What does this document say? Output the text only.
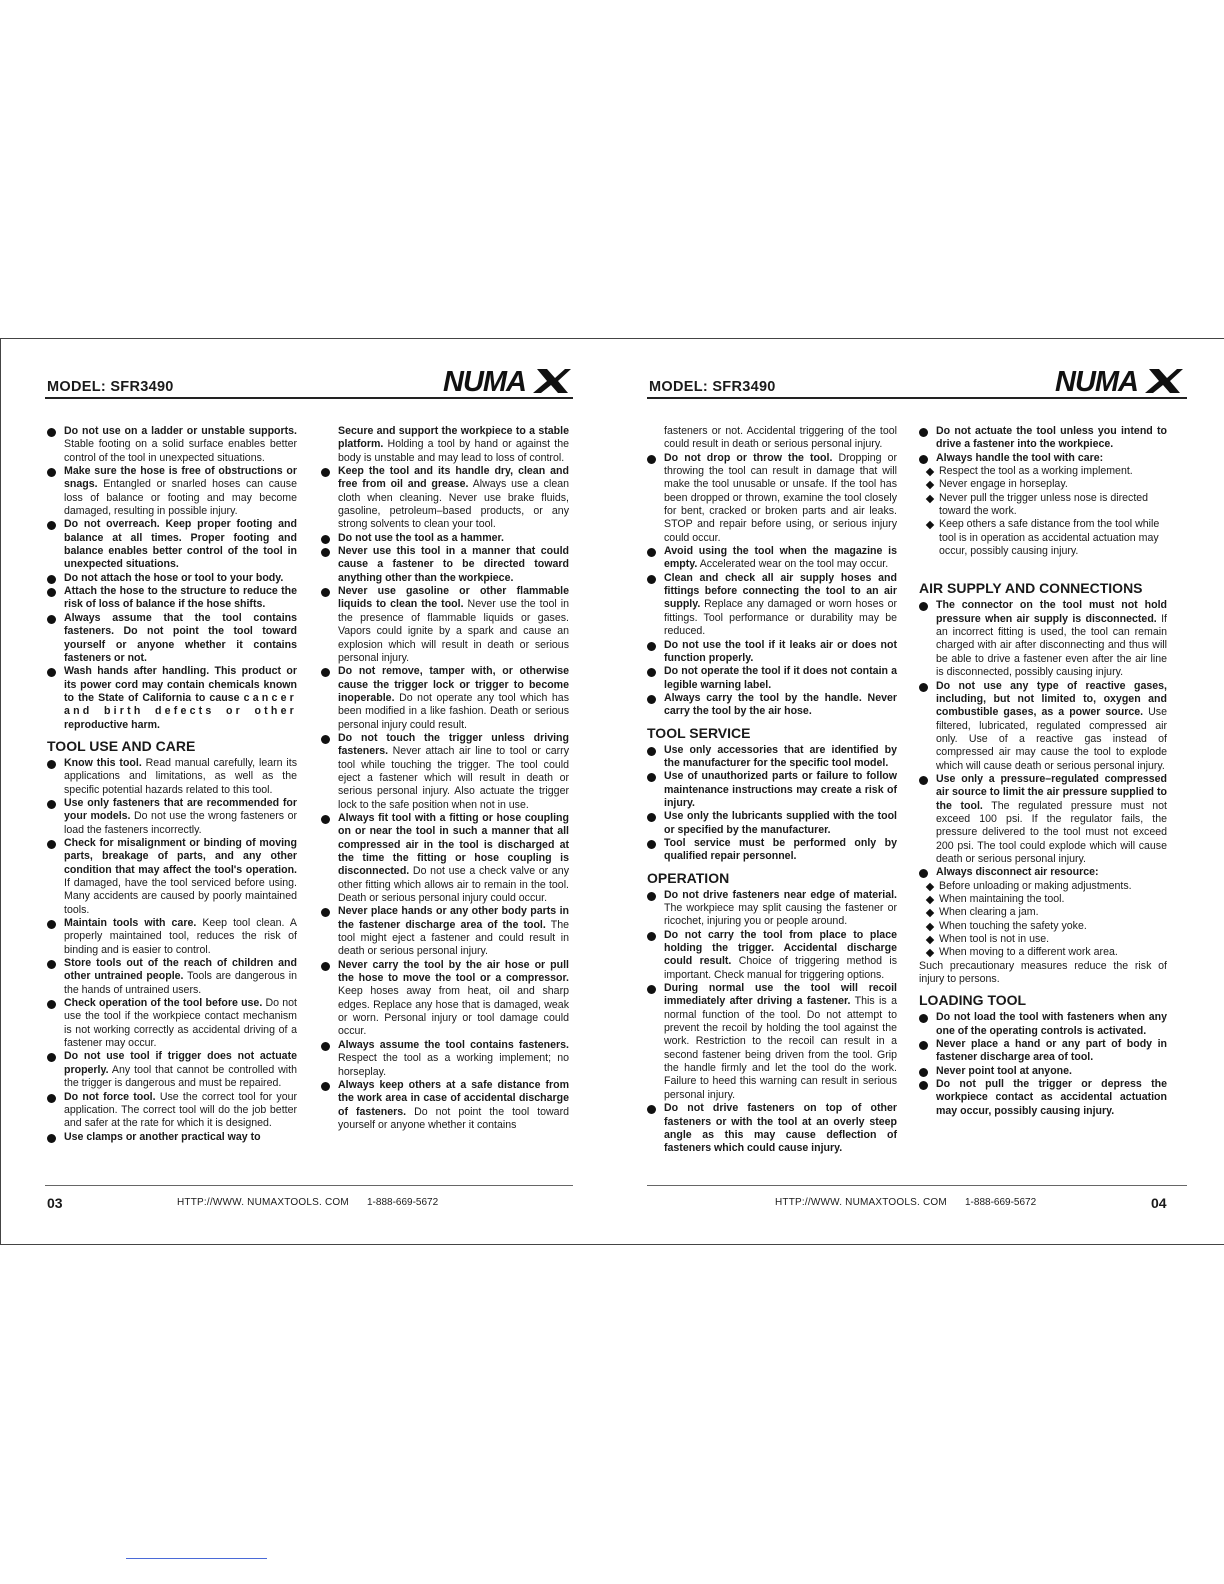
MODEL: SFR3490	NUMA
Do not use on a ladder or unstable supports. Stable footing on a solid surface enables better control of the tool in unexpected situations.
Make sure the hose is free of obstructions or snags. Entangled or snarled hoses can cause loss of balance or footing and may become damaged, resulting in possible injury.
Do not overreach. Keep proper footing and balance at all times. Proper footing and balance enables better control of the tool in unexpected situations.
Do not attach the hose or tool to your body.
Attach the hose to the structure to reduce the risk of loss of balance if the hose shifts.
Always assume that the tool contains fasteners. Do not point the tool toward yourself or anyone whether it contains fasteners or not.
Wash hands after handling. This product or its power cord may contain chemicals known to the State of California to cause cancer and birth defects or other reproductive harm.
TOOL USE AND CARE
Know this tool. Read manual carefully, learn its applications and limitations, as well as the specific potential hazards related to this tool.
Use only fasteners that are recommended for your models. Do not use the wrong fasteners or load the fasteners incorrectly.
Check for misalignment or binding of moving parts, breakage of parts, and any other condition that may affect the tool's operation. If damaged, have the tool serviced before using. Many accidents are caused by poorly maintained tools.
Maintain tools with care. Keep tool clean. A properly maintained tool, reduces the risk of binding and is easier to control.
Store tools out of the reach of children and other untrained people. Tools are dangerous in the hands of untrained users.
Check operation of the tool before use. Do not use the tool if the workpiece contact mechanism is not working correctly as accidental driving of a fastener may occur.
Do not use tool if trigger does not actuate properly. Any tool that cannot be controlled with the trigger is dangerous and must be repaired.
Do not force tool. Use the correct tool for your application. The correct tool will do the job better and safer at the rate for which it is designed.
Use clamps or another practical way to
Secure and support the workpiece to a stable platform. Holding a tool by hand or against the body is unstable and may lead to loss of control.
Keep the tool and its handle dry, clean and free from oil and grease. Always use a clean cloth when cleaning. Never use brake fluids, gasoline, petroleum–based products, or any strong solvents to clean your tool.
Do not use the tool as a hammer.
Never use this tool in a manner that could cause a fastener to be directed toward anything other than the workpiece.
Never use gasoline or other flammable liquids to clean the tool. Never use the tool in the presence of flammable liquids or gases. Vapors could ignite by a spark and cause an explosion which will result in death or serious personal injury.
Do not remove, tamper with, or otherwise cause the trigger lock or trigger to become inoperable. Do not operate any tool which has been modified in a like fashion. Death or serious personal injury could result.
Do not touch the trigger unless driving fasteners. Never attach air line to tool or carry tool while touching the trigger. The tool could eject a fastener which will result in death or serious personal injury. Also actuate the trigger lock to the safe position when not in use.
Always fit tool with a fitting or hose coupling on or near the tool in such a manner that all compressed air in the tool is discharged at the time the fitting or hose coupling is disconnected. Do not use a check valve or any other fitting which allows air to remain in the tool. Death or serious personal injury could occur.
Never place hands or any other body parts in the fastener discharge area of the tool. The tool might eject a fastener and could result in death or serious personal injury.
Never carry the tool by the air hose or pull the hose to move the tool or a compressor. Keep hoses away from heat, oil and sharp edges. Replace any hose that is damaged, weak or worn. Personal injury or tool damage could occur.
Always assume the tool contains fasteners. Respect the tool as a working implement; no horseplay.
Always keep others at a safe distance from the work area in case of accidental discharge of fasteners. Do not point the tool toward yourself or anyone whether it contains
03	HTTP://WWW. NUMAXTOOLS. COM 1-888-669-5672
MODEL: SFR3490	NUMA
fasteners or not. Accidental triggering of the tool could result in death or serious personal injury.
Do not drop or throw the tool. Dropping or throwing the tool can result in damage that will make the tool unusable or unsafe. If the tool has been dropped or thrown, examine the tool closely for bent, cracked or broken parts and air leaks. STOP and repair before using, or serious injury could occur.
Avoid using the tool when the magazine is empty. Accelerated wear on the tool may occur.
Clean and check all air supply hoses and fittings before connecting the tool to an air supply. Replace any damaged or worn hoses or fittings. Tool performance or durability may be reduced.
Do not use the tool if it leaks air or does not function properly.
Do not operate the tool if it does not contain a legible warning label.
Always carry the tool by the handle. Never carry the tool by the air hose.
TOOL SERVICE
Use only accessories that are identified by the manufacturer for the specific tool model.
Use of unauthorized parts or failure to follow maintenance instructions may create a risk of injury.
Use only the lubricants supplied with the tool or specified by the manufacturer.
Tool service must be performed only by qualified repair personnel.
OPERATION
Do not drive fasteners near edge of material. The workpiece may split causing the fastener or ricochet, injuring you or people around.
Do not carry the tool from place to place holding the trigger. Accidental discharge could result. Choice of triggering method is important. Check manual for triggering options.
During normal use the tool will recoil immediately after driving a fastener. This is a normal function of the tool. Do not attempt to prevent the recoil by holding the tool against the work. Restriction to the recoil can result in a second fastener being driven from the tool. Grip the handle firmly and let the tool do the work. Failure to heed this warning can result in serious personal injury.
Do not drive fasteners on top of other fasteners or with the tool at an overly steep angle as this may cause deflection of fasteners which could cause injury.
Do not actuate the tool unless you intend to drive a fastener into the workpiece.
Always handle the tool with care:
Respect the tool as a working implement.
Never engage in horseplay.
Never pull the trigger unless nose is directed toward the work.
Keep others a safe distance from the tool while tool is in operation as accidental actuation may occur, possibly causing injury.
AIR SUPPLY AND CONNECTIONS
The connector on the tool must not hold pressure when air supply is disconnected. If an incorrect fitting is used, the tool can remain charged with air after disconnecting and thus will be able to drive a fastener even after the air line is disconnected, possibly causing injury.
Do not use any type of reactive gases, including, but not limited to, oxygen and combustible gases, as a power source. Use filtered, lubricated, regulated compressed air only. Use of a reactive gas instead of compressed air may cause the tool to explode which will cause death or serious personal injury.
Use only a pressure–regulated compressed air source to limit the air pressure supplied to the tool. The regulated pressure must not exceed 100 psi. If the regulator fails, the pressure delivered to the tool must not exceed 200 psi. The tool could explode which will cause death or serious personal injury.
Always disconnect air resource:
Before unloading or making adjustments.
When maintaining the tool.
When clearing a jam.
When touching the safety yoke.
When tool is not in use.
When moving to a different work area.

Such precautionary measures reduce the risk of injury to persons.

LOADING TOOL
Do not load the tool with fasteners when any one of the operating controls is activated.
Never place a hand or any part of body in fastener discharge area of tool.
Never point tool at anyone.
Do not pull the trigger or depress the workpiece contact as accidental actuation may occur, possibly causing injury.
HTTP://WWW. NUMAXTOOLS. COM 1-888-669-5672	04
